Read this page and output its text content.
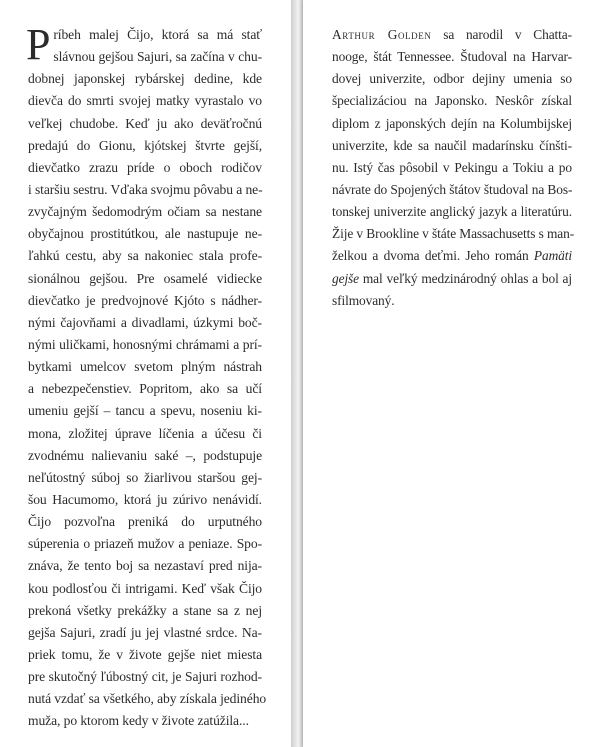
P ríbeh malej Čijo, ktorá sa má stať
slávnou gejšou Sajuri, sa začína v chu-
dobnej japonskej rybárskej dedine, kde
dievča do smrti svojej matky vyrastalo vo
veľkej chudobe. Keď ju ako deväťročnú
predajú do Gionu, kjótskej štvrte gejší,
dievčatko zrazu príde o oboch rodičov
i staršiu sestru. Vďaka svojmu pôvabu a ne-
zvyčajným šedomodrým očiam sa nestane
obyčajnou prostitútkou, ale nastupuje ne-
ľahkú cestu, aby sa nakoniec stala profe-
sionálnou gejšou. Pre osamelé vidiecke
dievčatko je predvojnové Kjóto s nádher-
nými čajovňami a divadlami, úzkymi boč-
nými uličkami, honosnými chrámami a prí-
bytkami umelcov svetom plným nástrah
a nebezpečenstiev. Popritom, ako sa učí
umeniu gejší – tancu a spevu, noseniu ki-
mona, zložitej úprave líčenia a účesu či
zvodnému nalievaniu saké –, podstupuje
neľútostný súboj so žiarlivou staršou gej-
šou Hacumomo, ktorá ju zúrivo nenávidí.
Čijo pozvoľna preniká do urputného
súperenia o priazeň mužov a peniaze. Spo-
znáva, že tento boj sa nezastaví pred nija-
kou podlosťou či intrigami. Keď však Čijo
prekoná všetky prekážky a stane sa z nej
gejša Sajuri, zradí ju jej vlastné srdce. Na-
priek tomu, že v živote gejše niet miesta
pre skutočný ľúbostný cit, je Sajuri rozhod-
nutá vzdať sa všetkého, aby získala jediného
muža, po ktorom kedy v živote zatúžila...
Arthur Golden sa narodil v Chatta-
nooge, štát Tennessee. Študoval na Harvar-
dovej univerzite, odbor dejiny umenia so
špecializáciou na Japonsko. Neskôr získal
diplom z japonských dejín na Kolumbijskej
univerzite, kde sa naučil madarínsku čínšti-
nu. Istý čas pôsobil v Pekingu a Tokiu a po
návrate do Spojených štátov študoval na Bos-
tonskej univerzite anglický jazyk a literatúru.
Žije v Brookline v štáte Massachusetts s man-
želkou a dvoma deťmi. Jeho román Pamäti
gejše mal veľký medzinárodný ohlas a bol aj
sfilmovaný.
